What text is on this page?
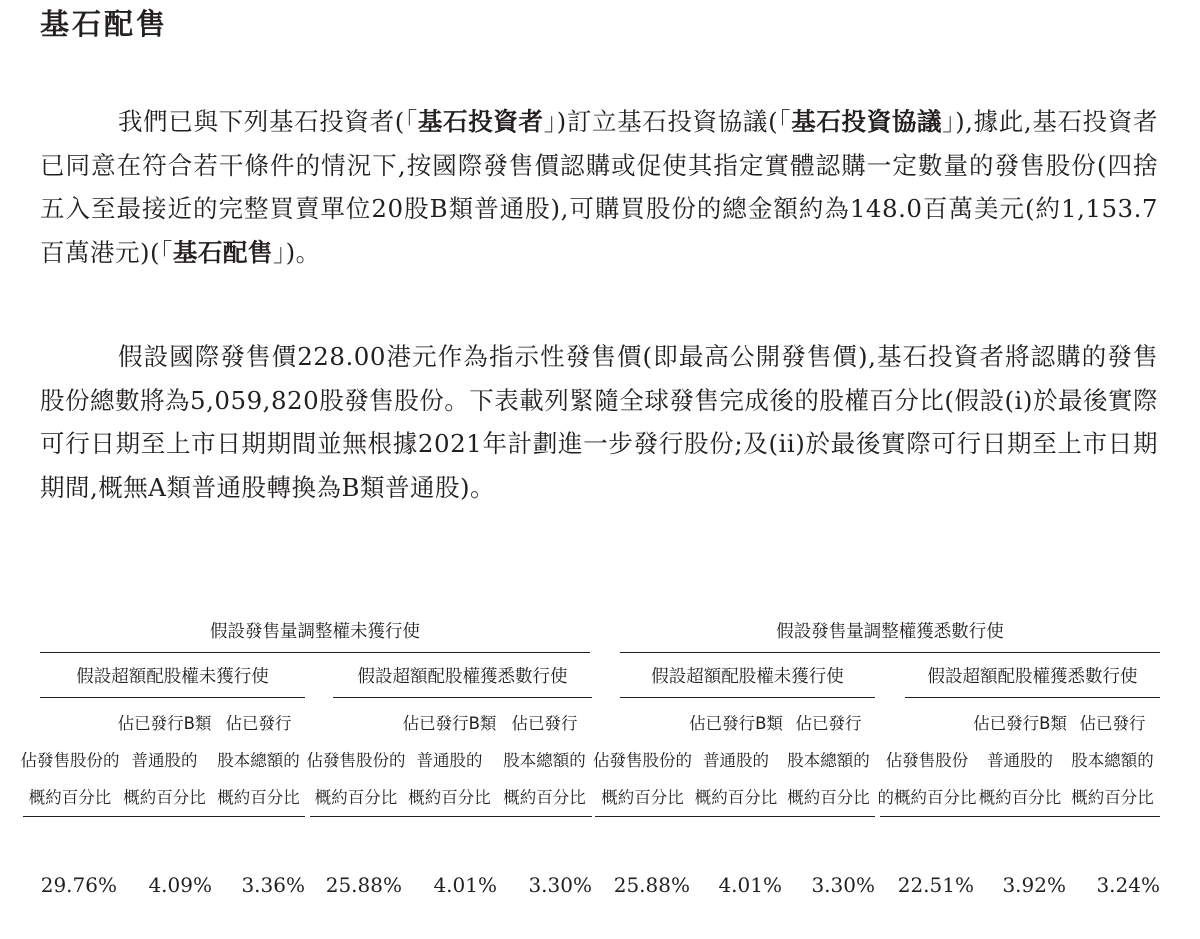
基石配售

我們已與下列基石投資者(「基石投資者」)訂立基石投資協議(「基石投資協議」),據此,基石投資者已同意在符合若干條件的情況下,按國際發售價認購或促使其指定實體認購一定數量的發售股份(四捨五入至最接近的完整買賣單位20股B類普通股),可購買股份的總金額約為148.0百萬美元(約1,153.7百萬港元)(「基石配售」)。

假設國際發售價228.00港元作為指示性發售價(即最高公開發售價),基石投資者將認購的發售股份總數將為5,059,820股發售股份。下表載列緊隨全球發售完成後的股權百分比(假設(i)於最後實際可行日期至上市日期期間並無根據2021年計劃進一步發行股份;及(ii)於最後實際可行日期至上市日期期間,概無A類普通股轉換為B類普通股)。

假設發售量調整權未獲行使
假設超額配股權未獲行使
佔發售股份的
概約百分比
29.76%
佔已發行B類
普通股的
概約百分比
4.09%
佔已發行
股本總額的
概約百分比
3.36%
假設超額配股權獲悉數行使
佔發售股份的
概約百分比
25.88%
佔已發行B類
普通股的
概約百分比
4.01%
佔已發行
股本總額的
概約百分比
3.30%
假設發售量調整權獲悉數行使
假設超額配股權未獲行使
佔發售股份的
概約百分比
25.88%
佔已發行B類
普通股的
概約百分比
4.01%
佔已發行
股本總額的
概約百分比
3.30%
假設超額配股權獲悉數行使
佔發售股份
的概約百分比
22.51%
佔已發行B類
普通股的
概約百分比
3.92%
佔已發行
股本總額的
概約百分比
3.24%
